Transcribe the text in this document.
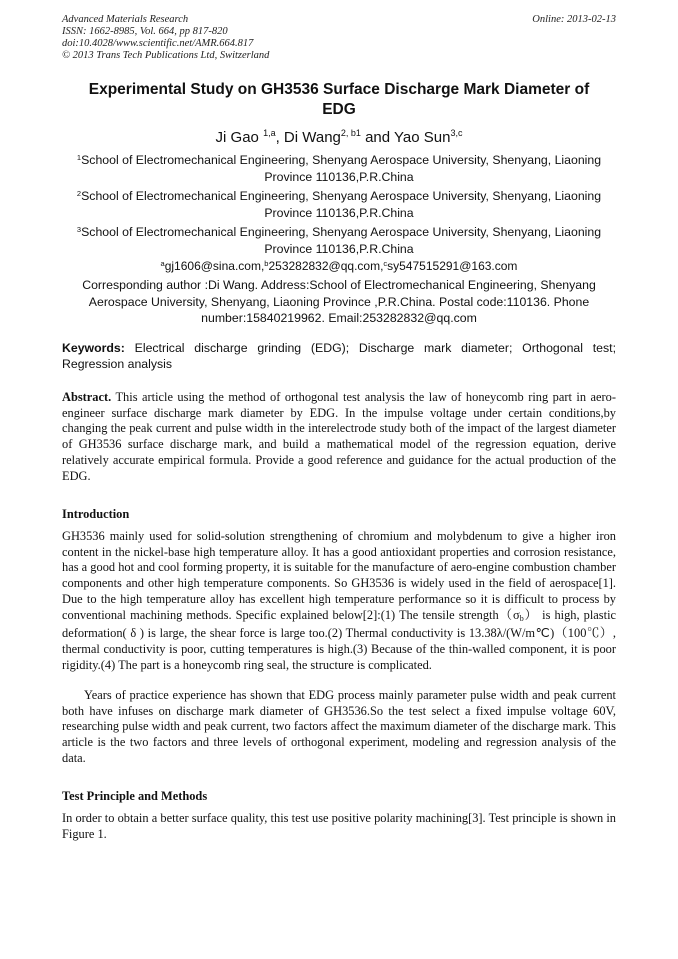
Advanced Materials Research
ISSN: 1662-8985, Vol. 664, pp 817-820
doi:10.4028/www.scientific.net/AMR.664.817
© 2013 Trans Tech Publications Ltd, Switzerland
Online: 2013-02-13
Experimental Study on GH3536 Surface Discharge Mark Diameter of
EDG
Ji Gao $^{1,a}$, Di Wang$^{2, b1}$ and Yao Sun$^{3,c}$
$^1$School of Electromechanical Engineering, Shenyang Aerospace University, Shenyang, Liaoning
Province 110136,P.R.China
$^2$School of Electromechanical Engineering, Shenyang Aerospace University, Shenyang, Liaoning
Province 110136,P.R.China
$^3$School of Electromechanical Engineering, Shenyang Aerospace University, Shenyang, Liaoning
Province 110136,P.R.China
$^a$gj1606@sina.com,$^b$253282832@qq.com,$^c$sy547515291@163.com
Corresponding author :Di Wang. Address:School of Electromechanical Engineering, Shenyang
Aerospace University, Shenyang, Liaoning Province ,P.R.China. Postal code:110136. Phone
number:15840219962. Email:253282832@qq.com
Keywords: Electrical discharge grinding (EDG); Discharge mark diameter; Orthogonal test; Regression analysis
Abstract. This article using the method of orthogonal test analysis the law of honeycomb ring part in aero-engineer surface discharge mark diameter by EDG. In the impulse voltage under certain conditions,by changing the peak current and pulse width in the interelectrode study both of the impact of the largest diameter of GH3536 surface discharge mark, and build a mathematical model of the regression equation, derive relatively accurate empirical formula. Provide a good reference and guidance for the actual production of the EDG.
Introduction
GH3536 mainly used for solid-solution strengthening of chromium and molybdenum to give a higher iron content in the nickel-base high temperature alloy. It has a good antioxidant properties and corrosion resistance, has a good hot and cool forming property, it is suitable for the manufacture of aero-engine combustion chamber components and other high temperature components. So GH3536 is widely used in the field of aerospace[1]. Due to the high temperature alloy has excellent high temperature performance so it is difficult to process by conventional machining methods. Specific explained below[2]:(1) The tensile $strength(\sigma_b)$ is high, plastic deformation( δ ) is large, the shear force is large too.(2) Thermal conductivity is 13.38λ/(W/m℃)（100℃）, thermal conductivity is poor, cutting temperatures is high.(3) Because of the thin-walled component, it is poor rigidity.(4) The part is a honeycomb ring seal, the structure is complicated.
Years of practice experience has shown that EDG process mainly parameter pulse width and peak current both have infuses on discharge mark diameter of GH3536.So the test select a fixed impulse voltage 60V, researching pulse width and peak current, two factors affect the maximum diameter of the discharge mark. This article is the two factors and three levels of orthogonal experiment, modeling and regression analysis of the data.
Test Principle and Methods
In order to obtain a better surface quality, this test use positive polarity machining[3]. Test principle is shown in Figure 1.
